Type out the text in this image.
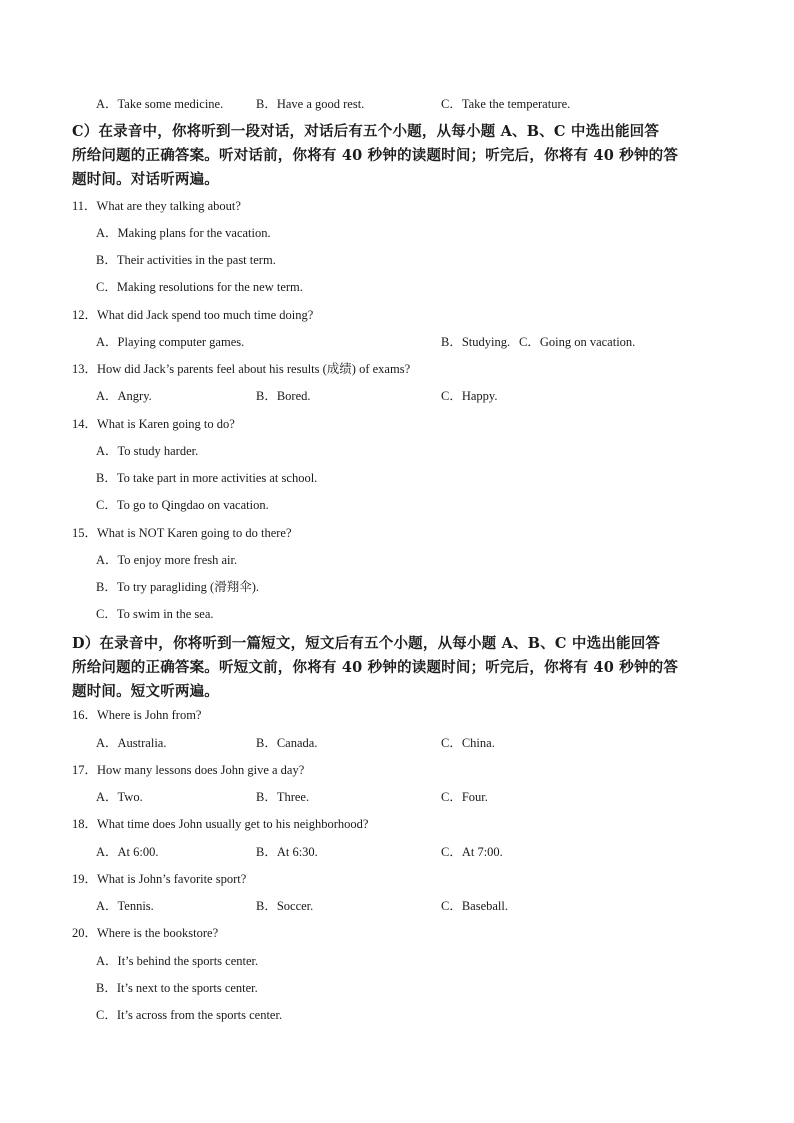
A．Take some medicine.	B．Have a good rest.	C．Take the temperature.
C）在录音中，你将听到一段对话，对话后有五个小题，从每小题 A、B、C 中选出能回答
所给问题的正确答案。听对话前，你将有 40 秒钟的读题时间；听完后，你将有 40 秒钟的答
题时间。对话听两遍。
11．What are they talking about?
A．Making plans for the vacation.
B．Their activities in the past term.
C．Making resolutions for the new term.
12．What did Jack spend too much time doing?
A．Playing computer games.	B．Studying. C．Going on vacation.
13．How did Jack’s parents feel about his results (成绩) of exams?
A．Angry.	B．Bored.	C．Happy.
14．What is Karen going to do?
A．To study harder.
B．To take part in more activities at school.
C．To go to Qingdao on vacation.
15．What is NOT Karen going to do there?
A．To enjoy more fresh air.
B．To try paragliding (滑翔伞).
C．To swim in the sea.
D）在录音中，你将听到一篇短文，短文后有五个小题，从每小题 A、B、C 中选出能回答
所给问题的正确答案。听短文前，你将有 40 秒钟的读题时间；听完后，你将有 40 秒钟的答
题时间。短文听两遍。
16．Where is John from?
A．Australia.	B．Canada.	C．China.
17．How many lessons does John give a day?
A．Two.	B．Three.	C．Four.
18．What time does John usually get to his neighborhood?
A．At 6:00.	B．At 6:30.	C．At 7:00.
19．What is John’s favorite sport?
A．Tennis.	B．Soccer.	C．Baseball.
20．Where is the bookstore?
A．It’s behind the sports center.
B．It’s next to the sports center.
C．It’s across from the sports center.
